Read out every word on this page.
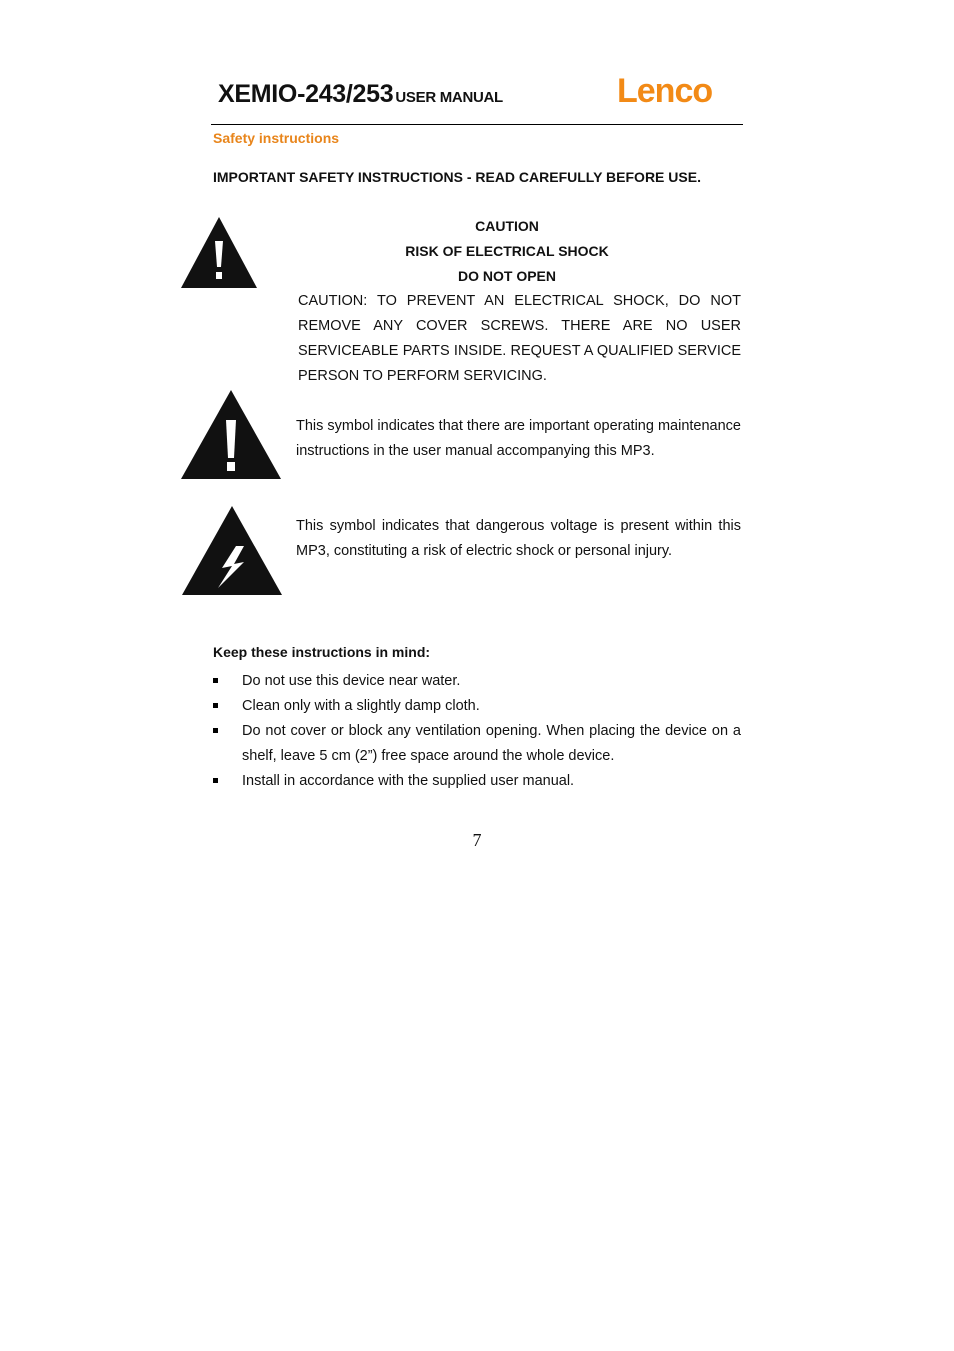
XEMIO-243/253 USER MANUAL	Lenco
Safety instructions
IMPORTANT SAFETY INSTRUCTIONS - READ CAREFULLY BEFORE USE.
CAUTION
RISK OF ELECTRICAL SHOCK
DO NOT OPEN
CAUTION: TO PREVENT AN ELECTRICAL SHOCK, DO NOT REMOVE ANY COVER SCREWS. THERE ARE NO USER SERVICEABLE PARTS INSIDE. REQUEST A QUALIFIED SERVICE PERSON TO PERFORM SERVICING.
This symbol indicates that there are important operating maintenance instructions in the user manual accompanying this MP3.
This symbol indicates that dangerous voltage is present within this MP3, constituting a risk of electric shock or personal injury.
Keep these instructions in mind:
Do not use this device near water.
Clean only with a slightly damp cloth.
Do not cover or block any ventilation opening. When placing the device on a shelf, leave 5 cm (2”) free space around the whole device.
Install in accordance with the supplied user manual.
7
